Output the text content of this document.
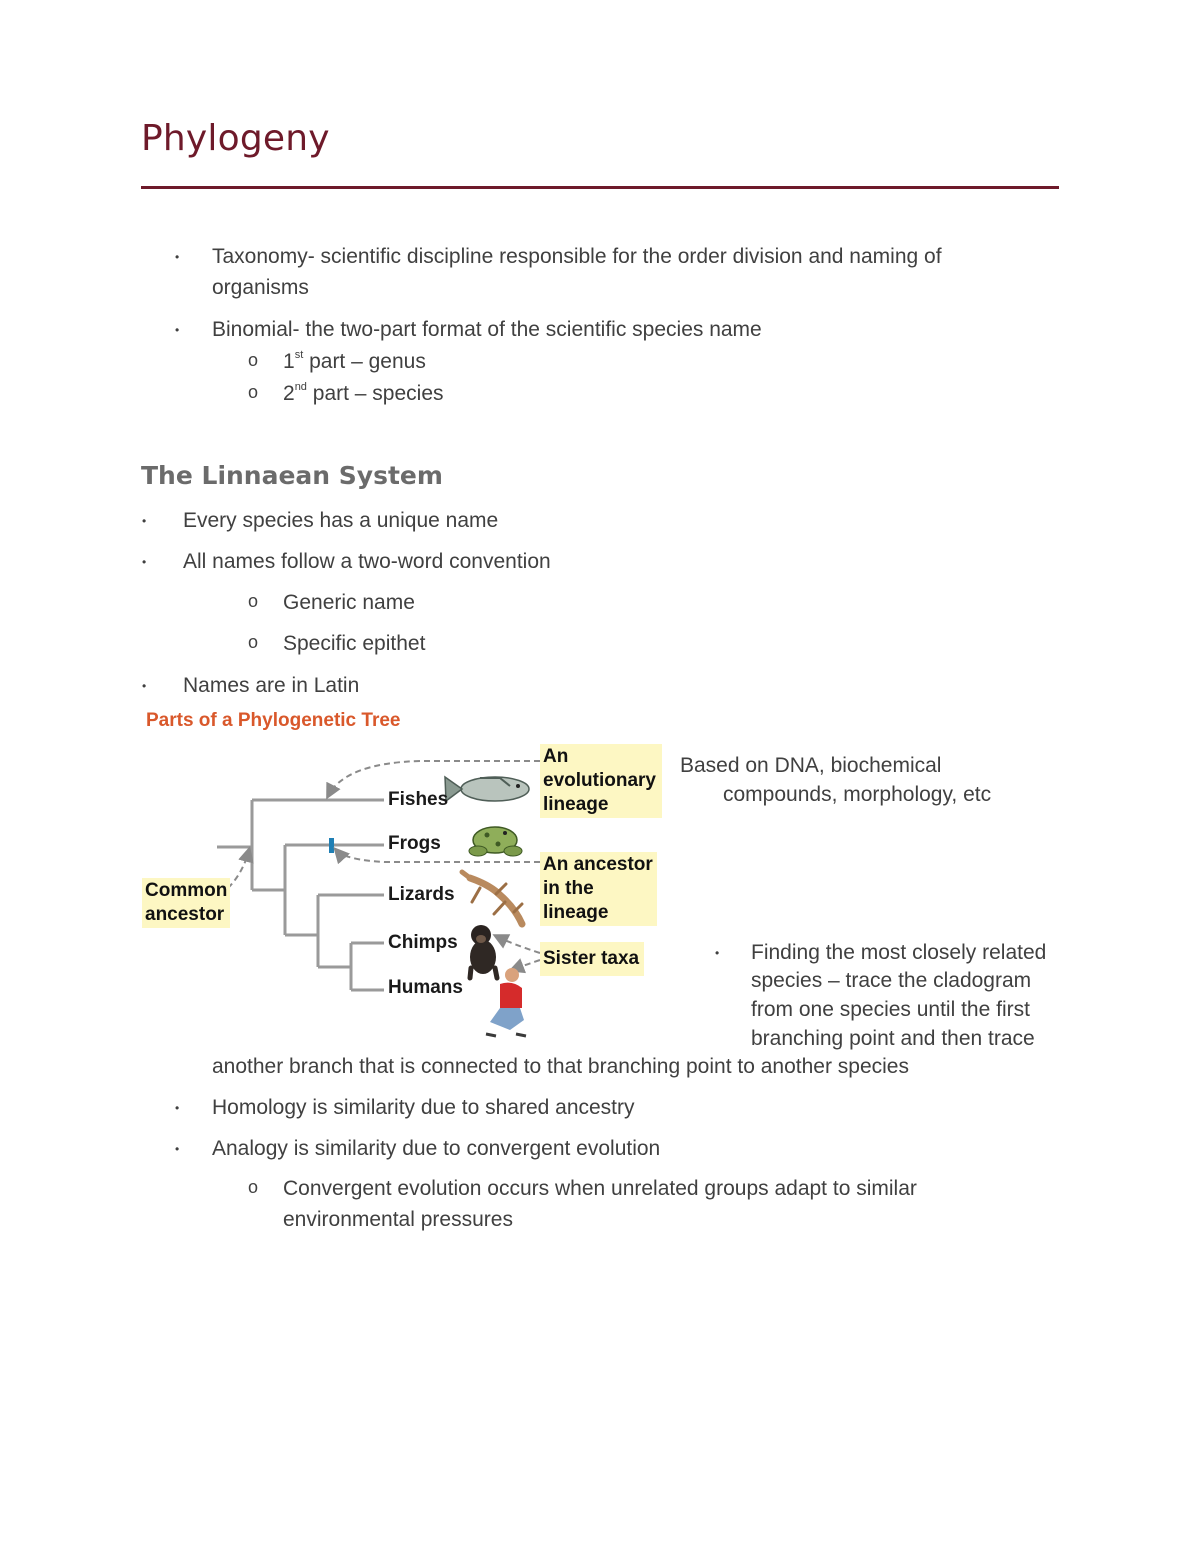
Phylogeny
• Taxonomy- scientific discipline responsible for the order division and naming of
organisms
• Binomial- the two-part format of the scientific species name
o 1st part – genus
o 2nd part – species
The Linnaean System
• Every species has a unique name
• All names follow a two-word convention
o Generic name
o Specific epithet
• Names are in Latin
Parts of a Phylogenetic Tree
Fishes
Frogs
Lizards
Chimps
Humans
Common
ancestor
An
evolutionary
lineage
An ancestor
in the
lineage
Sister taxa
Based on DNA, biochemical
compounds, morphology, etc
• Finding the most closely related
species – trace the cladogram
from one species until the first
branching point and then trace
another branch that is connected to that branching point to another species
• Homology is similarity due to shared ancestry
• Analogy is similarity due to convergent evolution
o Convergent evolution occurs when unrelated groups adapt to similar
environmental pressures
